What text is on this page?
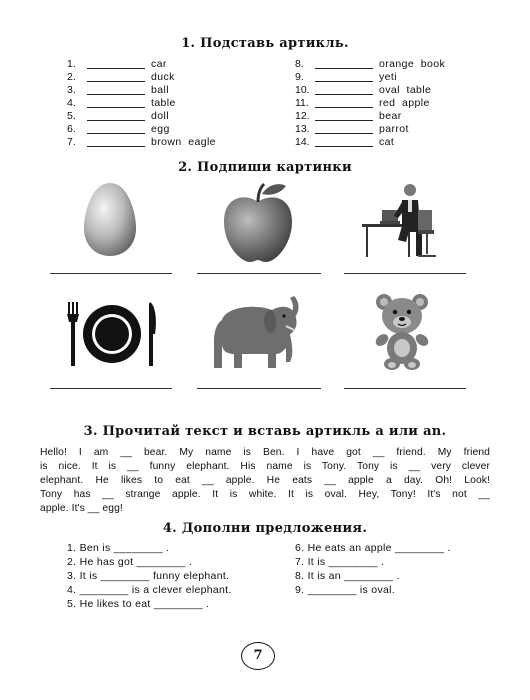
1. Подставь артикль.
1.	car
2.	duck
3.	ball
4.	table
5.	doll
6.	egg
7.	brown  eagle
8.	orange  book
9.	yeti
10.	oval  table
11.	red  apple
12.	bear
13.	parrot
14.	cat
2. Подпиши картинки
3. Прочитай текст и вставь артикль a или an.
Hello! I am __ bear. My name is Ben. I have got __ friend. My friend
is nice. It is __ funny elephant. His name is Tony. Tony is __ very clever
elephant. He likes to eat __ apple. He eats __ apple a day. Oh! Look!
Tony has __ strange apple. It is white. It is oval. Hey, Tony! It's not __
apple. It's __ egg!
4. Дополни предложения.
1. Ben is ________ .
2. He has got ________ .
3. It is ________ funny elephant.
4. ________ is a clever elephant.
5. He likes to eat ________ .
6. He eats an apple ________ .
7. It is ________ .
8. It is an ________ .
9. ________ is oval.
7
